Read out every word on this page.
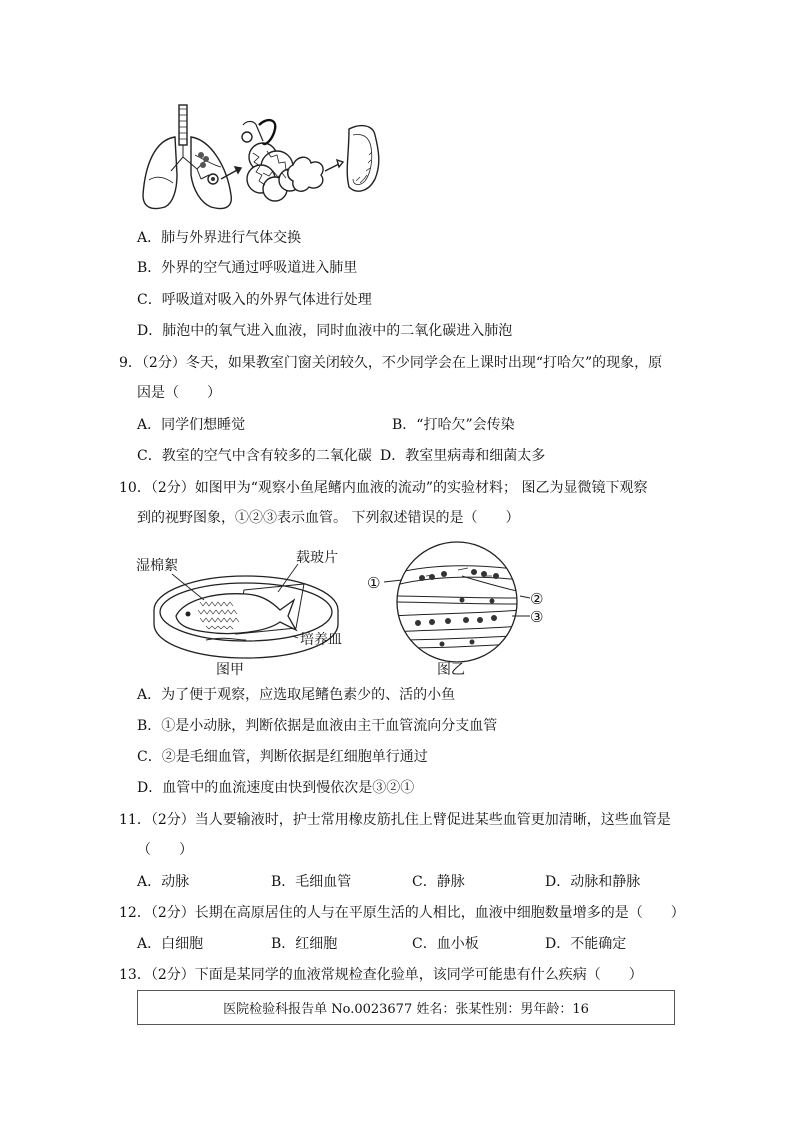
A．肺与外界进行气体交换
B．外界的空气通过呼吸道进入肺里
C．呼吸道对吸入的外界气体进行处理
D．肺泡中的氧气进入血液，同时血液中的二氧化碳进入肺泡
9．（2分）冬天，如果教室门窗关闭较久，不少同学会在上课时出现“打哈欠”的现象，原
因是（　　）
A．同学们想睡觉	B．“打哈欠”会传染
C．教室的空气中含有较多的二氧化碳 D．教室里病毒和细菌太多
10．（2分）如图甲为“观察小鱼尾鳍内血液的流动”的实验材料； 图乙为显微镜下观察
到的视野图象，①②③表示血管。 下列叙述错误的是（　　）
湿棉絮	载玻片
培养皿
图甲
①
②
③
图乙
A．为了便于观察，应选取尾鳍色素少的、活的小鱼
B．①是小动脉，判断依据是血液由主干血管流向分支血管
C．②是毛细血管，判断依据是红细胞单行通过
D．血管中的血流速度由快到慢依次是③②①
11．（2分）当人要输液时，护士常用橡皮筋扎住上臂促进某些血管更加清晰，这些血管是
（　　）
A．动脉	B．毛细血管	C．静脉	D．动脉和静脉
12．（2分）长期在高原居住的人与在平原生活的人相比，血液中细胞数量增多的是（　　）
A．白细胞	B．红细胞	C．血小板	D．不能确定
13．（2分）下面是某同学的血液常规检查化验单，该同学可能患有什么疾病（　　）
医院检验科报告单 No.0023677 姓名：张某性别：男年龄：16
